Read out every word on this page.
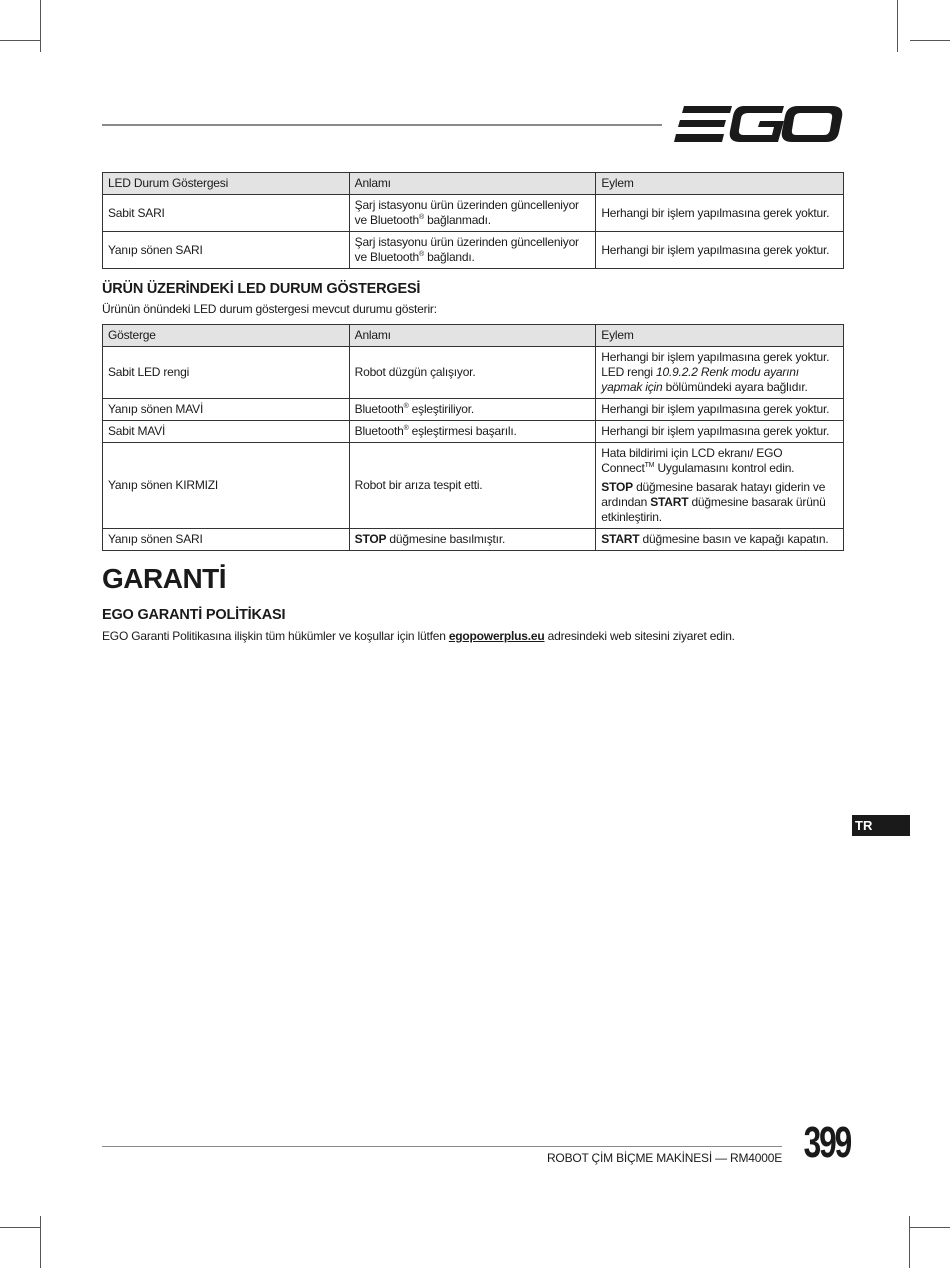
LED Durum Göstergesi	Anlamı	Eylem
Sabit SARI	Şarj istasyonu ürün üzerinden güncelleniyor ve Bluetooth® bağlanmadı.	Herhangi bir işlem yapılmasına gerek yoktur.
Yanıp sönen SARI	Şarj istasyonu ürün üzerinden güncelleniyor ve Bluetooth® bağlandı.	Herhangi bir işlem yapılmasına gerek yoktur.
ÜRÜN ÜZERİNDEKİ LED DURUM GÖSTERGESİ
Ürünün önündeki LED durum göstergesi mevcut durumu gösterir:
Gösterge	Anlamı	Eylem
Sabit LED rengi	Robot düzgün çalışıyor.	Herhangi bir işlem yapılmasına gerek yoktur. LED rengi 10.9.2.2 Renk modu ayarını yapmak için bölümündeki ayara bağlıdır.
Yanıp sönen MAVİ	Bluetooth® eşleştiriliyor.	Herhangi bir işlem yapılmasına gerek yoktur.
Sabit MAVİ	Bluetooth® eşleştirmesi başarılı.	Herhangi bir işlem yapılmasına gerek yoktur.
Yanıp sönen KIRMIZI	Robot bir arıza tespit etti.	Hata bildirimi için LCD ekranı/ EGO Connect™ Uygulamasını kontrol edin.

STOP düğmesine basarak hatayı giderin ve ardından START düğmesine basarak ürünü etkinleştirin.

Yanıp sönen SARI	STOP düğmesine basılmıştır.	START düğmesine basın ve kapağı kapatın.
GARANTİ
EGO GARANTİ POLİTİKASI
EGO Garanti Politikasına ilişkin tüm hükümler ve koşullar için lütfen egopowerplus.eu adresindeki web sitesini ziyaret edin.
TR
ROBOT ÇİM BİÇME MAKİNESİ — RM4000E 399
